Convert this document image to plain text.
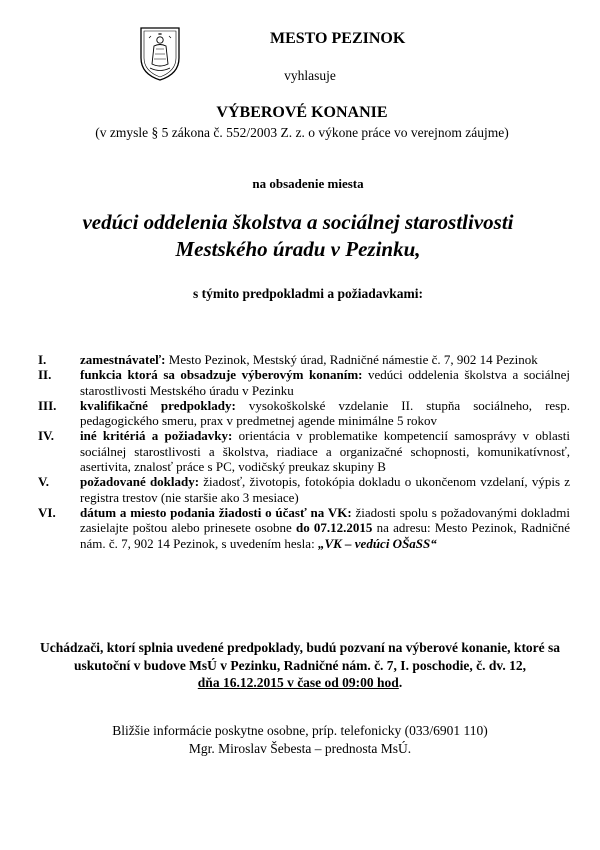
MESTO PEZINOK
vyhlasuje
VÝBEROVÉ KONANIE
(v zmysle § 5 zákona č. 552/2003 Z. z. o výkone práce vo verejnom záujme)
na obsadenie miesta
vedúci oddelenia školstva a sociálnej starostlivosti
Mestského úradu v Pezinku,
s týmito predpokladmi a požiadavkami:
I.	zamestnávateľ: Mesto Pezinok, Mestský úrad, Radničné námestie č. 7, 902 14 Pezinok
II. funkcia ktorá sa obsadzuje výberovým konaním: vedúci oddelenia školstva a sociálnej starostlivosti Mestského úradu v Pezinku
III. kvalifikačné predpoklady: vysokoškolské vzdelanie II. stupňa sociálneho, resp. pedagogického smeru, prax v predmetnej agende minimálne 5 rokov
IV. iné kritériá a požiadavky: orientácia v problematike kompetencií samosprávy v oblasti sociálnej starostlivosti a školstva, riadiace a organizačné schopnosti, komunikatívnosť, asertivita, znalosť práce s PC, vodičský preukaz skupiny B
V. požadované doklady: žiadosť, životopis, fotokópia dokladu o ukončenom vzdelaní, výpis z registra trestov (nie staršie ako 3 mesiace)
VI. dátum a miesto podania žiadosti o účasť na VK: žiadosti spolu s požadovanými dokladmi zasielajte poštou alebo prinesete osobne do 07.12.2015 na adresu: Mesto Pezinok, Radničné nám. č. 7, 902 14 Pezinok, s uvedením hesla: „VK – vedúci OŠaSS“
Uchádzači, ktorí splnia uvedené predpoklady, budú pozvaní na výberové konanie, ktoré sa uskutoční v budove MsÚ v Pezinku, Radničné nám. č. 7, I. poschodie, č. dv. 12,
dňa 16.12.2015 v čase od 09:00 hod.
Bližšie informácie poskytne osobne, príp. telefonicky (033/6901 110)
Mgr. Miroslav Šebesta – prednosta MsÚ.
